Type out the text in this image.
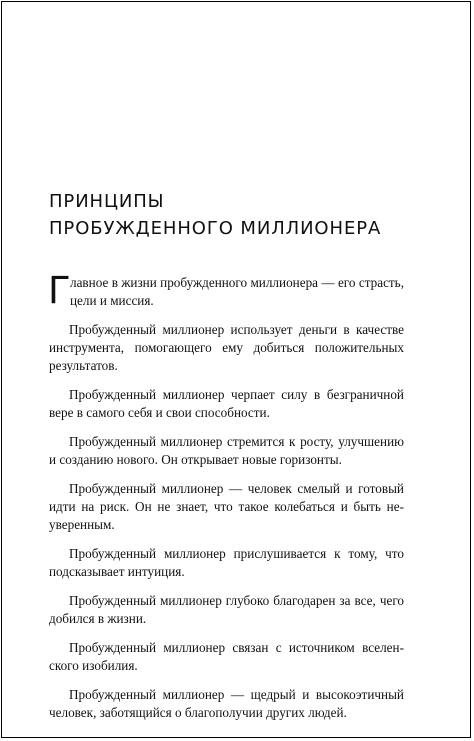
ПРИНЦИПЫ
ПРОБУЖДЕННОГО МИЛЛИОНЕРА

Г лавное в жизни пробужденного миллионера — его страсть, цели и миссия.

Пробужденный миллионер использует деньги в качестве инструмента, помогающего ему добиться положительных результатов.

Пробужденный миллионер черпает силу в безграничной вере в самого себя и свои способности.

Пробужденный миллионер стремится к росту, улучшению и созданию нового. Он открывает новые горизонты.

Пробужденный миллионер — человек смелый и готовый идти на риск. Он не знает, что такое колебаться и быть неуверенным.

Пробужденный миллионер прислушивается к тому, что подсказывает интуиция.

Пробужденный миллионер глубоко благодарен за все, чего добился в жизни.

Пробужденный миллионер связан с источником вселенского изобилия.

Пробужденный миллионер — щедрый и высокоэтичный человек, заботящийся о благополучии других людей.
